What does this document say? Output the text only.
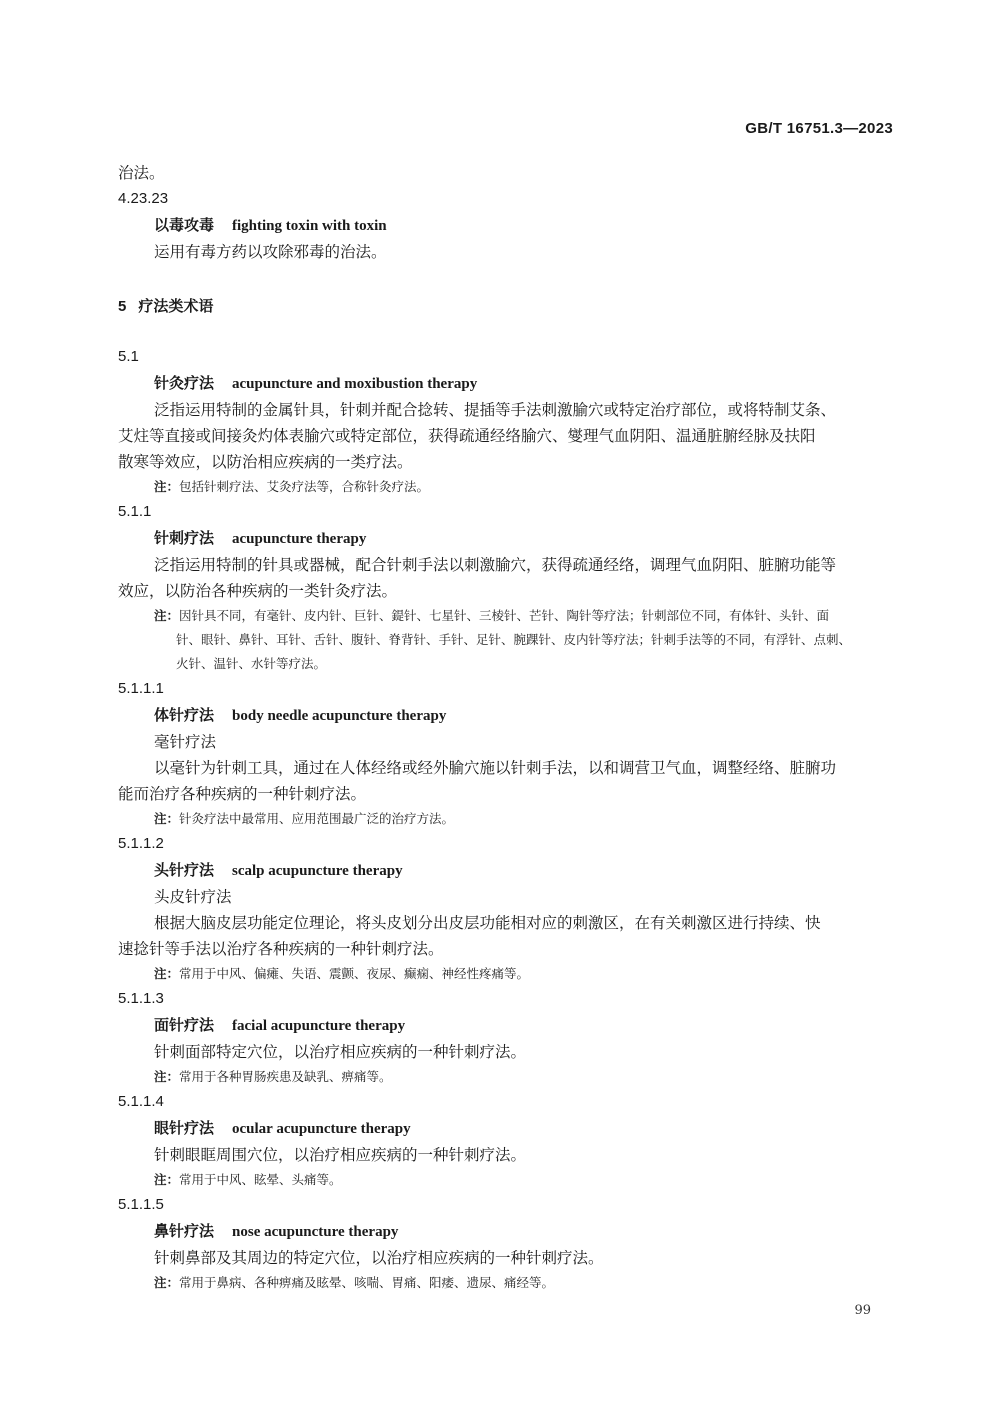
GB/T 16751.3—2023
治法。
4.23.23
以毒攻毒 fighting toxin with toxin
运用有毒方药以攻除邪毒的治法。
5 疗法类术语
5.1
针灸疗法 acupuncture and moxibustion therapy
泛指运用特制的金属针具，针刺并配合捻转、提插等手法刺激腧穴或特定治疗部位，或将特制艾条、
艾炷等直接或间接灸灼体表腧穴或特定部位，获得疏通经络腧穴、燮理气血阴阳、温通脏腑经脉及扶阳
散寒等效应，以防治相应疾病的一类疗法。
注：包括针刺疗法、艾灸疗法等，合称针灸疗法。
5.1.1
针刺疗法 acupuncture therapy
泛指运用特制的针具或器械，配合针刺手法以刺激腧穴，获得疏通经络，调理气血阴阳、脏腑功能等
效应，以防治各种疾病的一类针灸疗法。
注：因针具不同，有毫针、皮内针、巨针、鍉针、七星针、三棱针、芒针、陶针等疗法；针刺部位不同，有体针、头针、面
针、眼针、鼻针、耳针、舌针、腹针、脊背针、手针、足针、腕踝针、皮内针等疗法；针刺手法等的不同，有浮针、点刺、
火针、温针、水针等疗法。
5.1.1.1
体针疗法 body needle acupuncture therapy
毫针疗法
以毫针为针刺工具，通过在人体经络或经外腧穴施以针刺手法，以和调营卫气血，调整经络、脏腑功
能而治疗各种疾病的一种针刺疗法。
注：针灸疗法中最常用、应用范围最广泛的治疗方法。
5.1.1.2
头针疗法 scalp acupuncture therapy
头皮针疗法
根据大脑皮层功能定位理论，将头皮划分出皮层功能相对应的刺激区，在有关刺激区进行持续、快
速捻针等手法以治疗各种疾病的一种针刺疗法。
注：常用于中风、偏瘫、失语、震颤、夜尿、癫痫、神经性疼痛等。
5.1.1.3
面针疗法 facial acupuncture therapy
针刺面部特定穴位，以治疗相应疾病的一种针刺疗法。
注：常用于各种胃肠疾患及缺乳、痹痛等。
5.1.1.4
眼针疗法 ocular acupuncture therapy
针刺眼眶周围穴位，以治疗相应疾病的一种针刺疗法。
注：常用于中风、眩晕、头痛等。
5.1.1.5
鼻针疗法 nose acupuncture therapy
针刺鼻部及其周边的特定穴位，以治疗相应疾病的一种针刺疗法。
注：常用于鼻病、各种痹痛及眩晕、咳喘、胃痛、阳痿、遗尿、痛经等。
99
